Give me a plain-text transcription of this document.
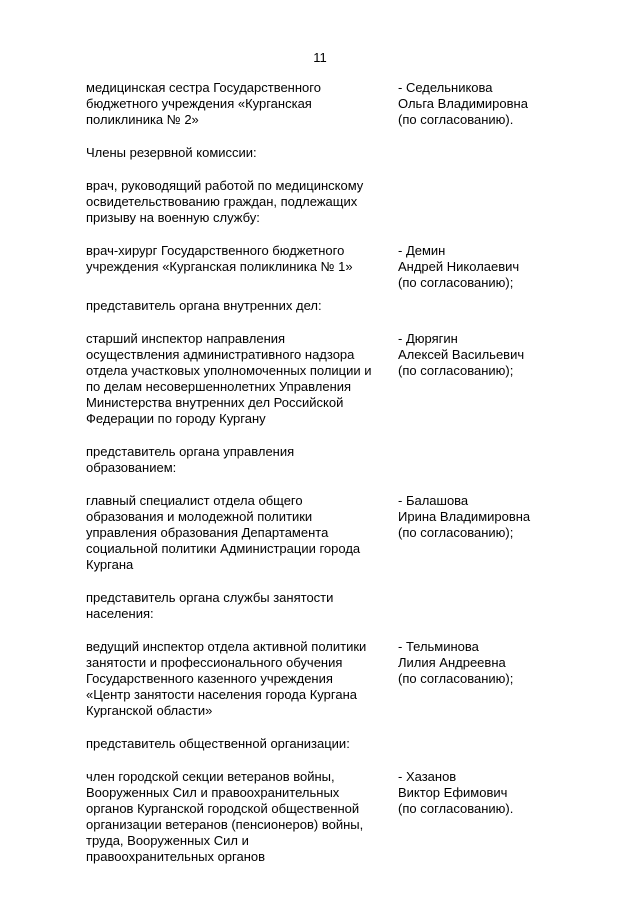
11
медицинская сестра Государственного
бюджетного учреждения «Курганская
поликлиника № 2»
- Седельникова
Ольга Владимировна
(по согласованию).
Члены резервной комиссии:
врач, руководящий работой по медицинскому
освидетельствованию граждан, подлежащих
призыву на военную службу:
врач-хирург Государственного бюджетного
учреждения «Курганская поликлиника № 1»
- Демин
Андрей Николаевич
(по согласованию);
представитель органа внутренних дел:
старший инспектор направления
осуществления административного надзора
отдела участковых уполномоченных полиции и
по делам несовершеннолетних Управления
Министерства внутренних дел Российской
Федерации по городу Кургану
- Дюрягин
Алексей Васильевич
(по согласованию);
представитель органа управления
образованием:
главный специалист отдела общего
образования и молодежной политики
управления образования Департамента
социальной политики Администрации города
Кургана
- Балашова
Ирина Владимировна
(по согласованию);
представитель органа службы занятости
населения:
ведущий инспектор отдела активной политики
занятости и профессионального обучения
Государственного казенного учреждения
«Центр занятости населения города Кургана
Курганской области»
- Тельминова
Лилия Андреевна
(по согласованию);
представитель общественной организации:
член городской секции ветеранов войны,
Вооруженных Сил и правоохранительных
органов Курганской городской общественной
организации ветеранов (пенсионеров) войны,
труда, Вооруженных Сил и
правоохранительных органов
- Хазанов
Виктор Ефимович
(по согласованию).
